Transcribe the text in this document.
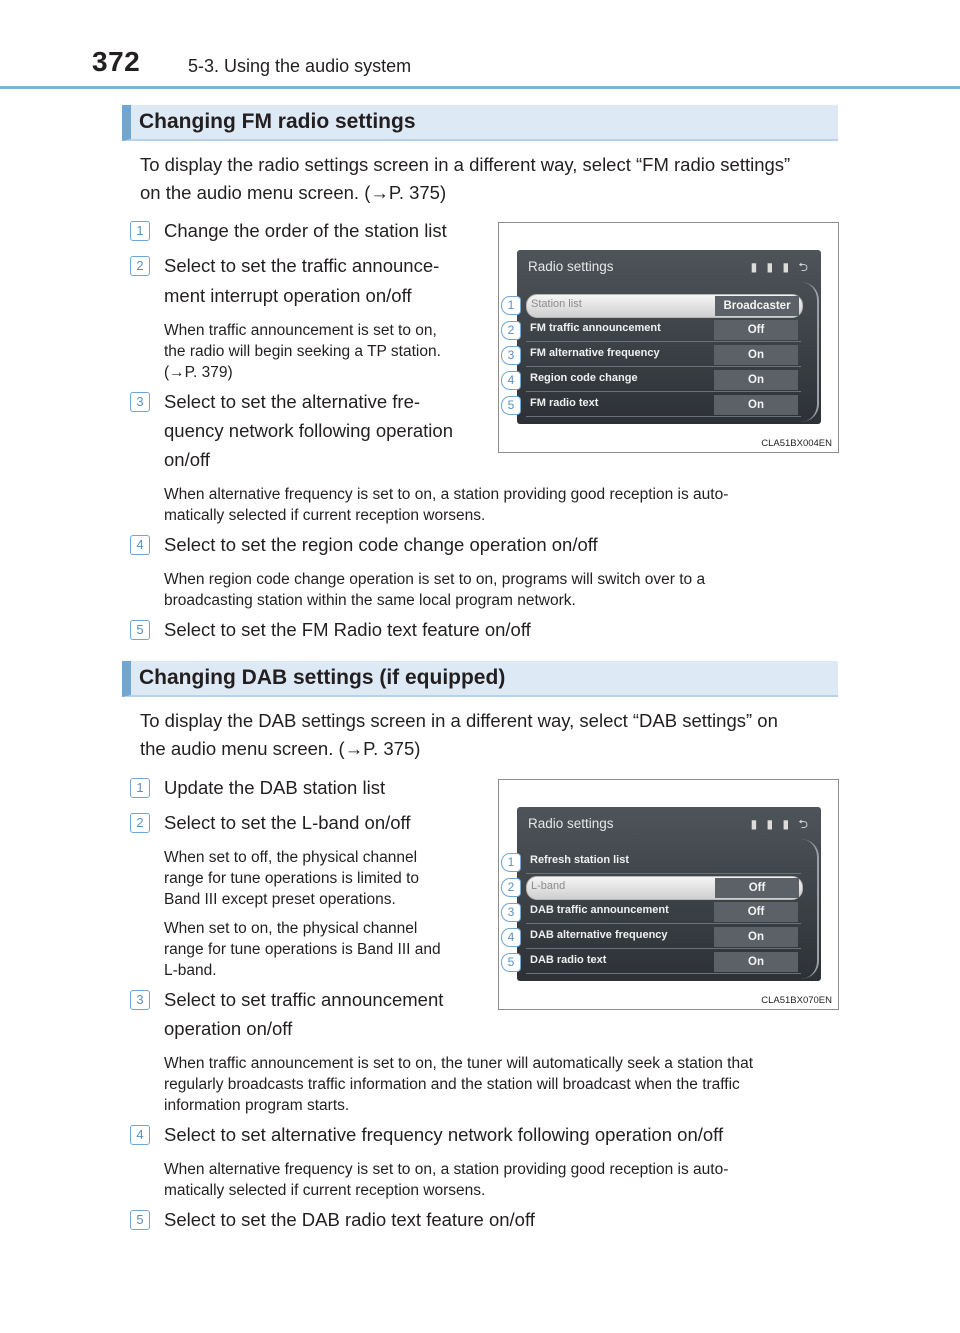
372	5-3. Using the audio system
Changing FM radio settings

To display the radio settings screen in a different way, select “FM radio settings”

on the audio menu screen. (→P. 375)

1	Change the order of the station list

2	Select to set the traffic announce-

ment interrupt operation on/off

When traffic announcement is set to on,

the radio will begin seeking a TP station.

(→P. 379)

3	Select to set the alternative fre-

quency network following operation

on/off

When alternative frequency is set to on, a station providing good reception is auto-

matically selected if current reception worsens.

4	Select to set the region code change operation on/off

When region code change operation is set to on, programs will switch over to a

broadcasting station within the same local program network.

5	Select to set the FM Radio text feature on/off

Radio settings	▮ ▮ ▮ ⮌
Station list	Broadcaster
FM traffic announcement	Off
FM alternative frequency	On
Region code change	On
FM radio text	On
1
2
3
4
5
CLA51BX004EN
Changing DAB settings (if equipped)

To display the DAB settings screen in a different way, select “DAB settings” on

the audio menu screen. (→P. 375)

1	Update the DAB station list

2	Select to set the L-band on/off

When set to off, the physical channel

range for tune operations is limited to

Band III except preset operations.

When set to on, the physical channel

range for tune operations is Band III and

L-band.

3	Select to set traffic announcement

operation on/off

When traffic announcement is set to on, the tuner will automatically seek a station that

regularly broadcasts traffic information and the station will broadcast when the traffic

information program starts.

4	Select to set alternative frequency network following operation on/off

When alternative frequency is set to on, a station providing good reception is auto-

matically selected if current reception worsens.

5	Select to set the DAB radio text feature on/off

Radio settings	▮ ▮ ▮ ⮌
Refresh station list
L-band	Off
DAB traffic announcement	Off
DAB alternative frequency	On
DAB radio text	On
1
2
3
4
5
CLA51BX070EN
